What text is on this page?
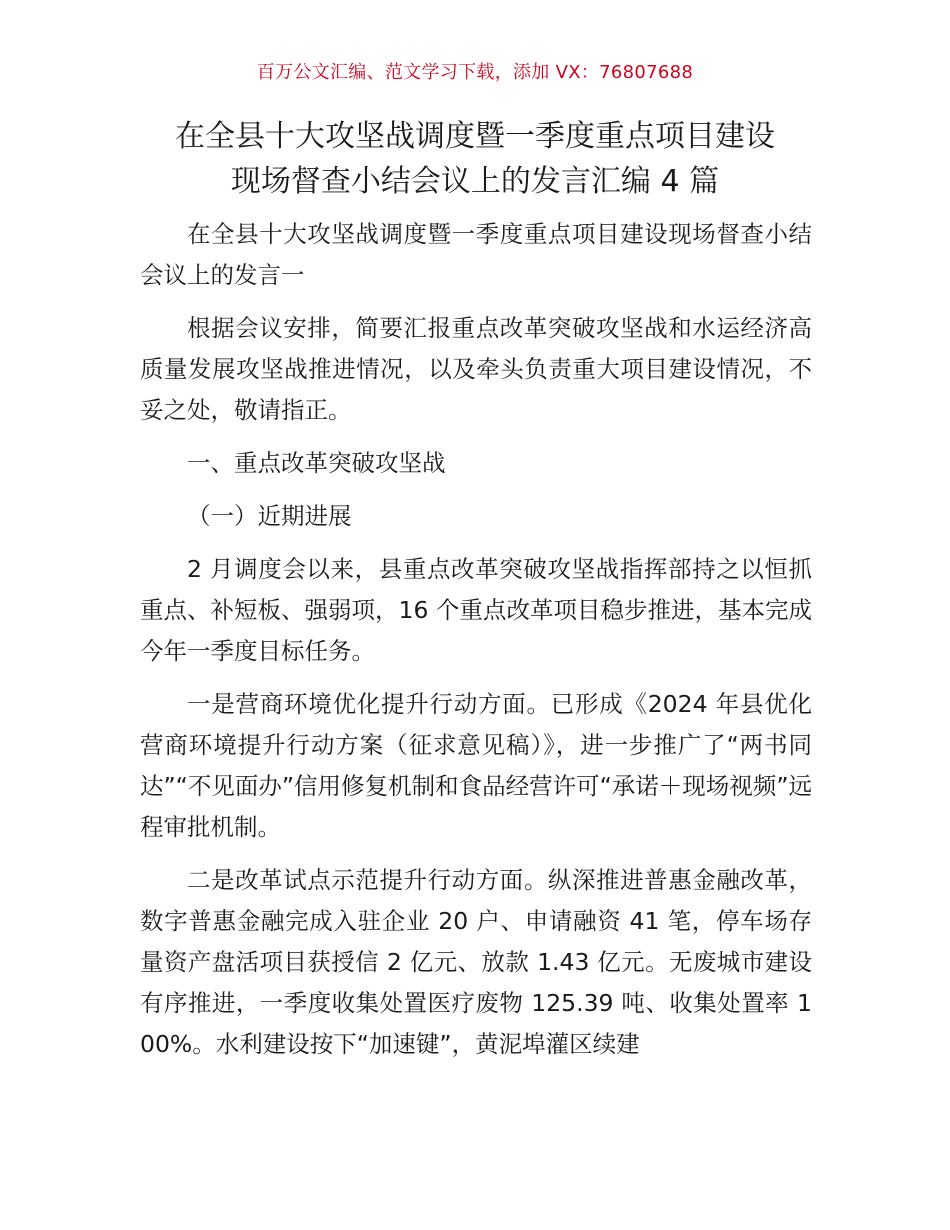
百万公文汇编、范文学习下载，添加 VX：76807688
在全县十大攻坚战调度暨一季度重点项目建设
现场督查小结会议上的发言汇编 4 篇

在全县十大攻坚战调度暨一季度重点项目建设现场督查小结会议上的发言一

根据会议安排，简要汇报重点改革突破攻坚战和水运经济高质量发展攻坚战推进情况，以及牵头负责重大项目建设情况，不妥之处，敬请指正。

一、重点改革突破攻坚战

（一）近期进展

2 月调度会以来，县重点改革突破攻坚战指挥部持之以恒抓重点、补短板、强弱项，16 个重点改革项目稳步推进，基本完成今年一季度目标任务。

一是营商环境优化提升行动方面。已形成《2024 年县优化营商环境提升行动方案（征求意见稿）》，进一步推广了“两书同达”“不见面办”信用修复机制和食品经营许可“承诺＋现场视频”远程审批机制。

二是改革试点示范提升行动方面。纵深推进普惠金融改革，数字普惠金融完成入驻企业 20 户、申请融资 41 笔，停车场存量资产盘活项目获授信 2 亿元、放款 1.43 亿元。无废城市建设有序推进，一季度收集处置医疗废物 125.39 吨、收集处置率 100%。水利建设按下“加速键”，黄泥埠灌区续建
